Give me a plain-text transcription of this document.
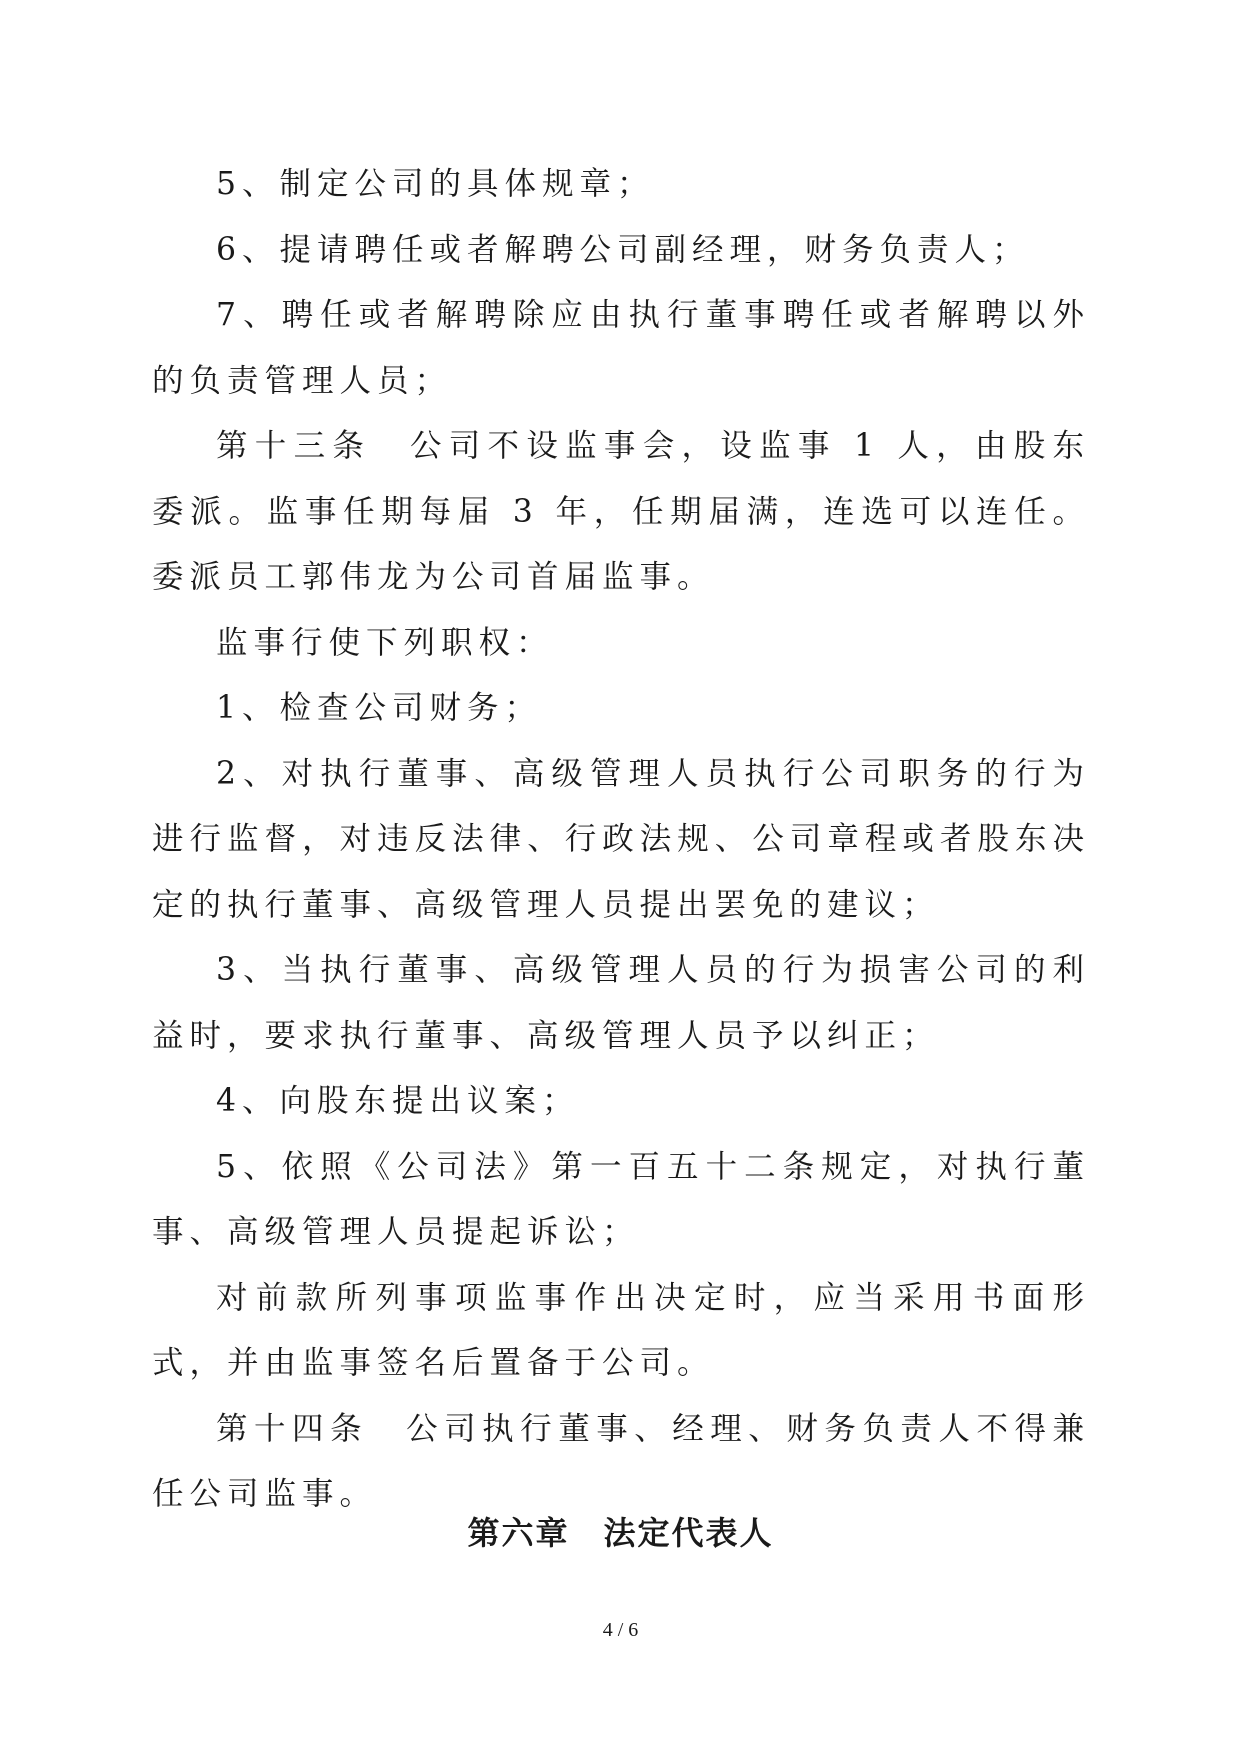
5、制定公司的具体规章；

6、提请聘任或者解聘公司副经理，财务负责人；

7、聘任或者解聘除应由执行董事聘任或者解聘以外的负责管理人员；

第十三条　公司不设监事会，设监事 1 人，由股东委派。监事任期每届 3 年，任期届满，连选可以连任。委派员工郭伟龙为公司首届监事。

监事行使下列职权：

1、检查公司财务；

2、对执行董事、高级管理人员执行公司职务的行为进行监督，对违反法律、行政法规、公司章程或者股东决定的执行董事、高级管理人员提出罢免的建议；

3、当执行董事、高级管理人员的行为损害公司的利益时，要求执行董事、高级管理人员予以纠正；

4、向股东提出议案；

5、依照《公司法》第一百五十二条规定，对执行董事、高级管理人员提起诉讼；

对前款所列事项监事作出决定时，应当采用书面形式，并由监事签名后置备于公司。

第十四条　公司执行董事、经理、财务负责人不得兼任公司监事。

第六章　法定代表人
4 / 6
